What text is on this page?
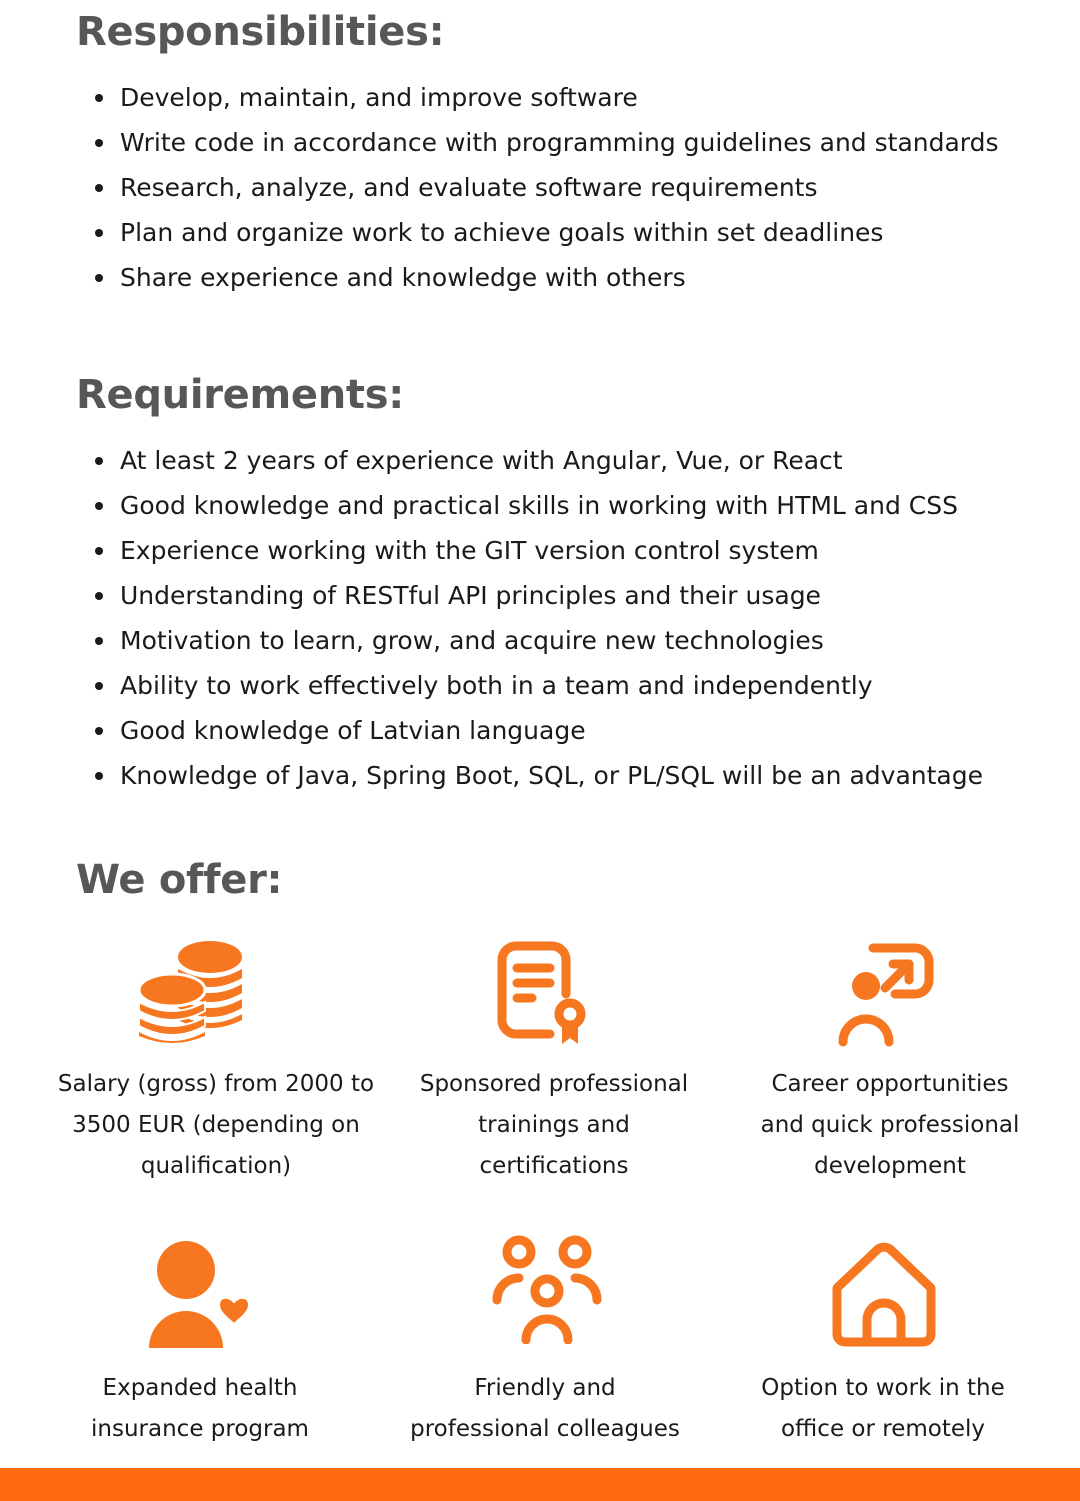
Responsibilities:
Develop, maintain, and improve software
Write code in accordance with programming guidelines and standards
Research, analyze, and evaluate software requirements
Plan and organize work to achieve goals within set deadlines
Share experience and knowledge with others
Requirements:
At least 2 years of experience with Angular, Vue, or React
Good knowledge and practical skills in working with HTML and CSS
Experience working with the GIT version control system
Understanding of RESTful API principles and their usage
Motivation to learn, grow, and acquire new technologies
Ability to work effectively both in a team and independently
Good knowledge of Latvian language
Knowledge of Java, Spring Boot, SQL, or PL/SQL will be an advantage
We offer:
Salary (gross) from 2000 to
3500 EUR (depending on
qualification)
Sponsored professional
trainings and
certifications
Career opportunities
and quick professional
development
Expanded health
insurance program
Friendly and
professional colleagues
Option to work in the
office or remotely
